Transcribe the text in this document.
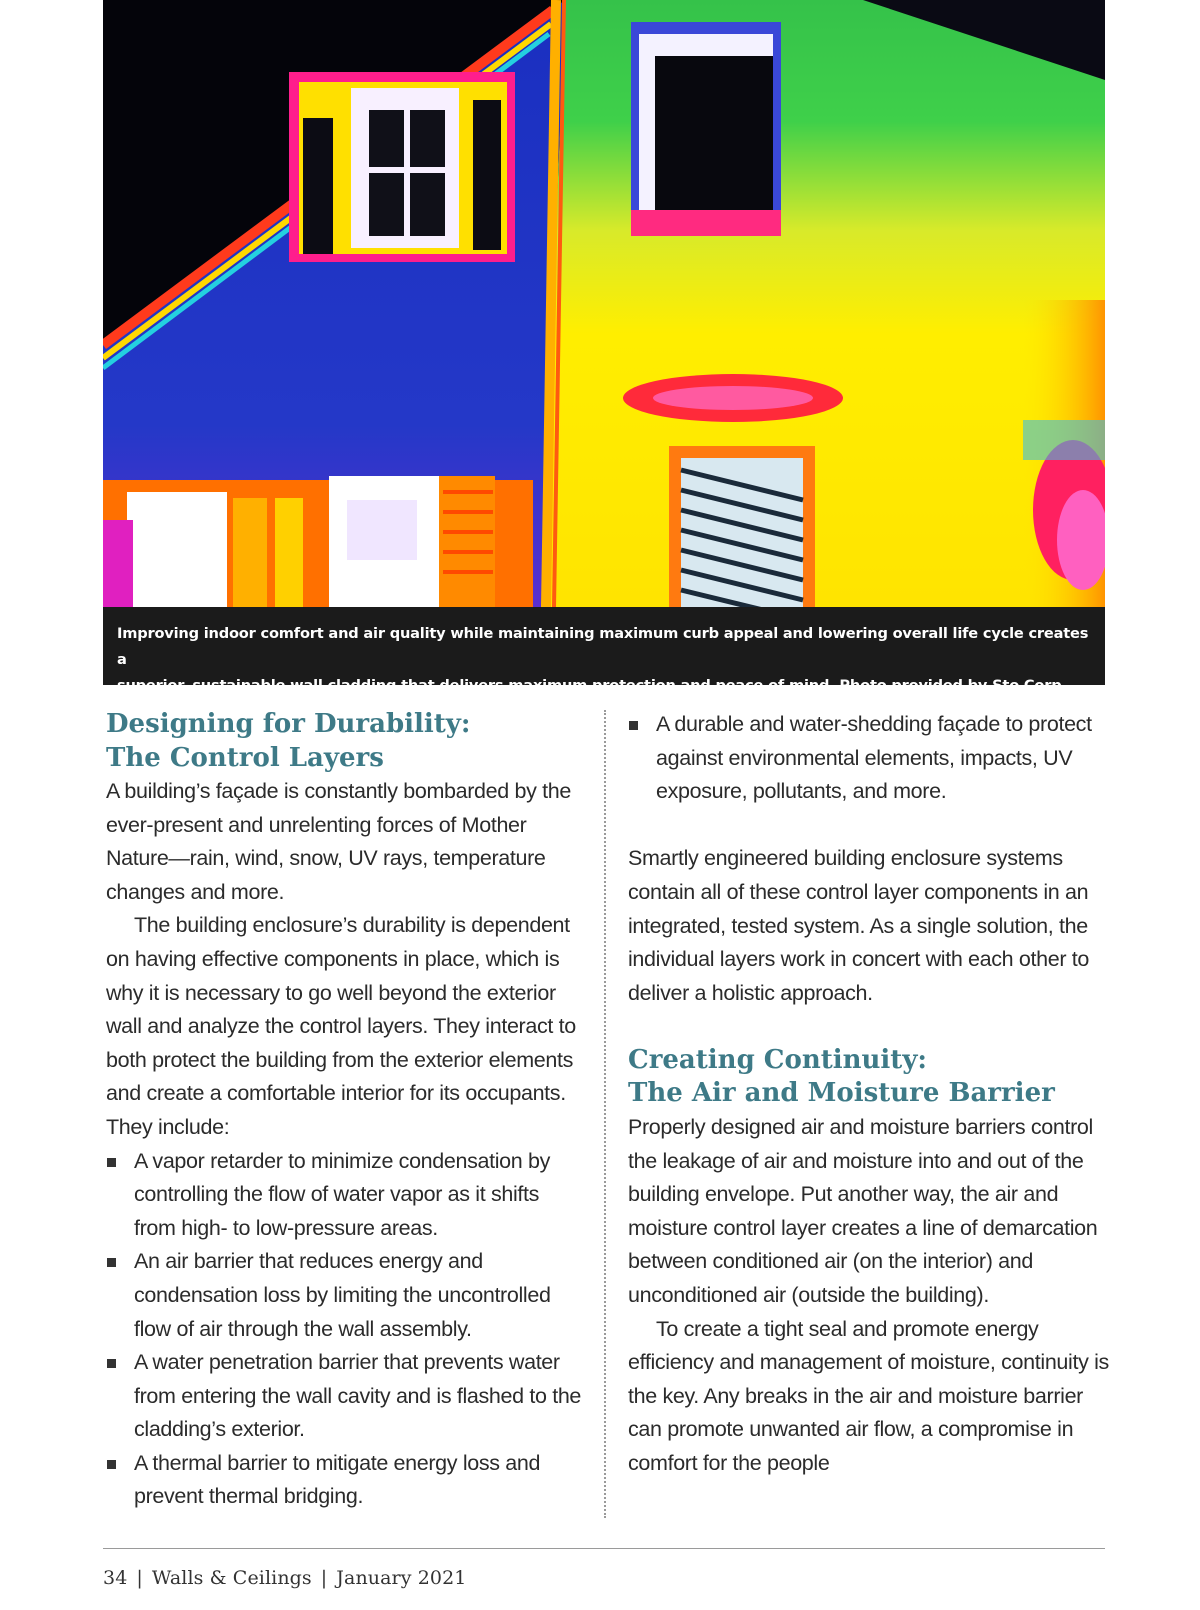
Improving indoor comfort and air quality while maintaining maximum curb appeal and lowering overall life cycle creates a
superior, sustainable wall cladding that delivers maximum protection and peace of mind. Photo provided by Sto Corp.
Designing for Durability:
The Control Layers

A building’s façade is constantly bombarded by the ever-present and unrelenting forces of Mother Nature—rain, wind, snow, UV rays, temperature changes and more.

The building enclosure’s durability is dependent on having effective components in place, which is why it is necessary to go well beyond the exterior wall and analyze the control layers. They interact to both protect the building from the exterior elements and create a comfortable interior for its occupants. They include:

A vapor retarder to minimize condensation by controlling the flow of water vapor as it shifts from high- to low-pressure areas.
An air barrier that reduces energy and condensation loss by limiting the uncontrolled flow of air through the wall assembly.
A water penetration barrier that prevents water from entering the wall cavity and is flashed to the cladding’s exterior.
A thermal barrier to mitigate energy loss and prevent thermal bridging.
A durable and water-shedding façade to protect against environmental elements, impacts, UV exposure, pollutants, and more.

Smartly engineered building enclosure systems contain all of these control layer components in an integrated, tested system. As a single solution, the individual layers work in concert with each other to deliver a holistic approach.

Creating Continuity:
The Air and Moisture Barrier

Properly designed air and moisture barriers control the leakage of air and moisture into and out of the building envelope. Put another way, the air and moisture control layer creates a line of demarcation between conditioned air (on the interior) and unconditioned air (outside the building).

To create a tight seal and promote energy efficiency and management of moisture, continuity is the key. Any breaks in the air and moisture barrier can promote unwanted air flow, a compromise in comfort for the people

34 | Walls & Ceilings | January 2021
